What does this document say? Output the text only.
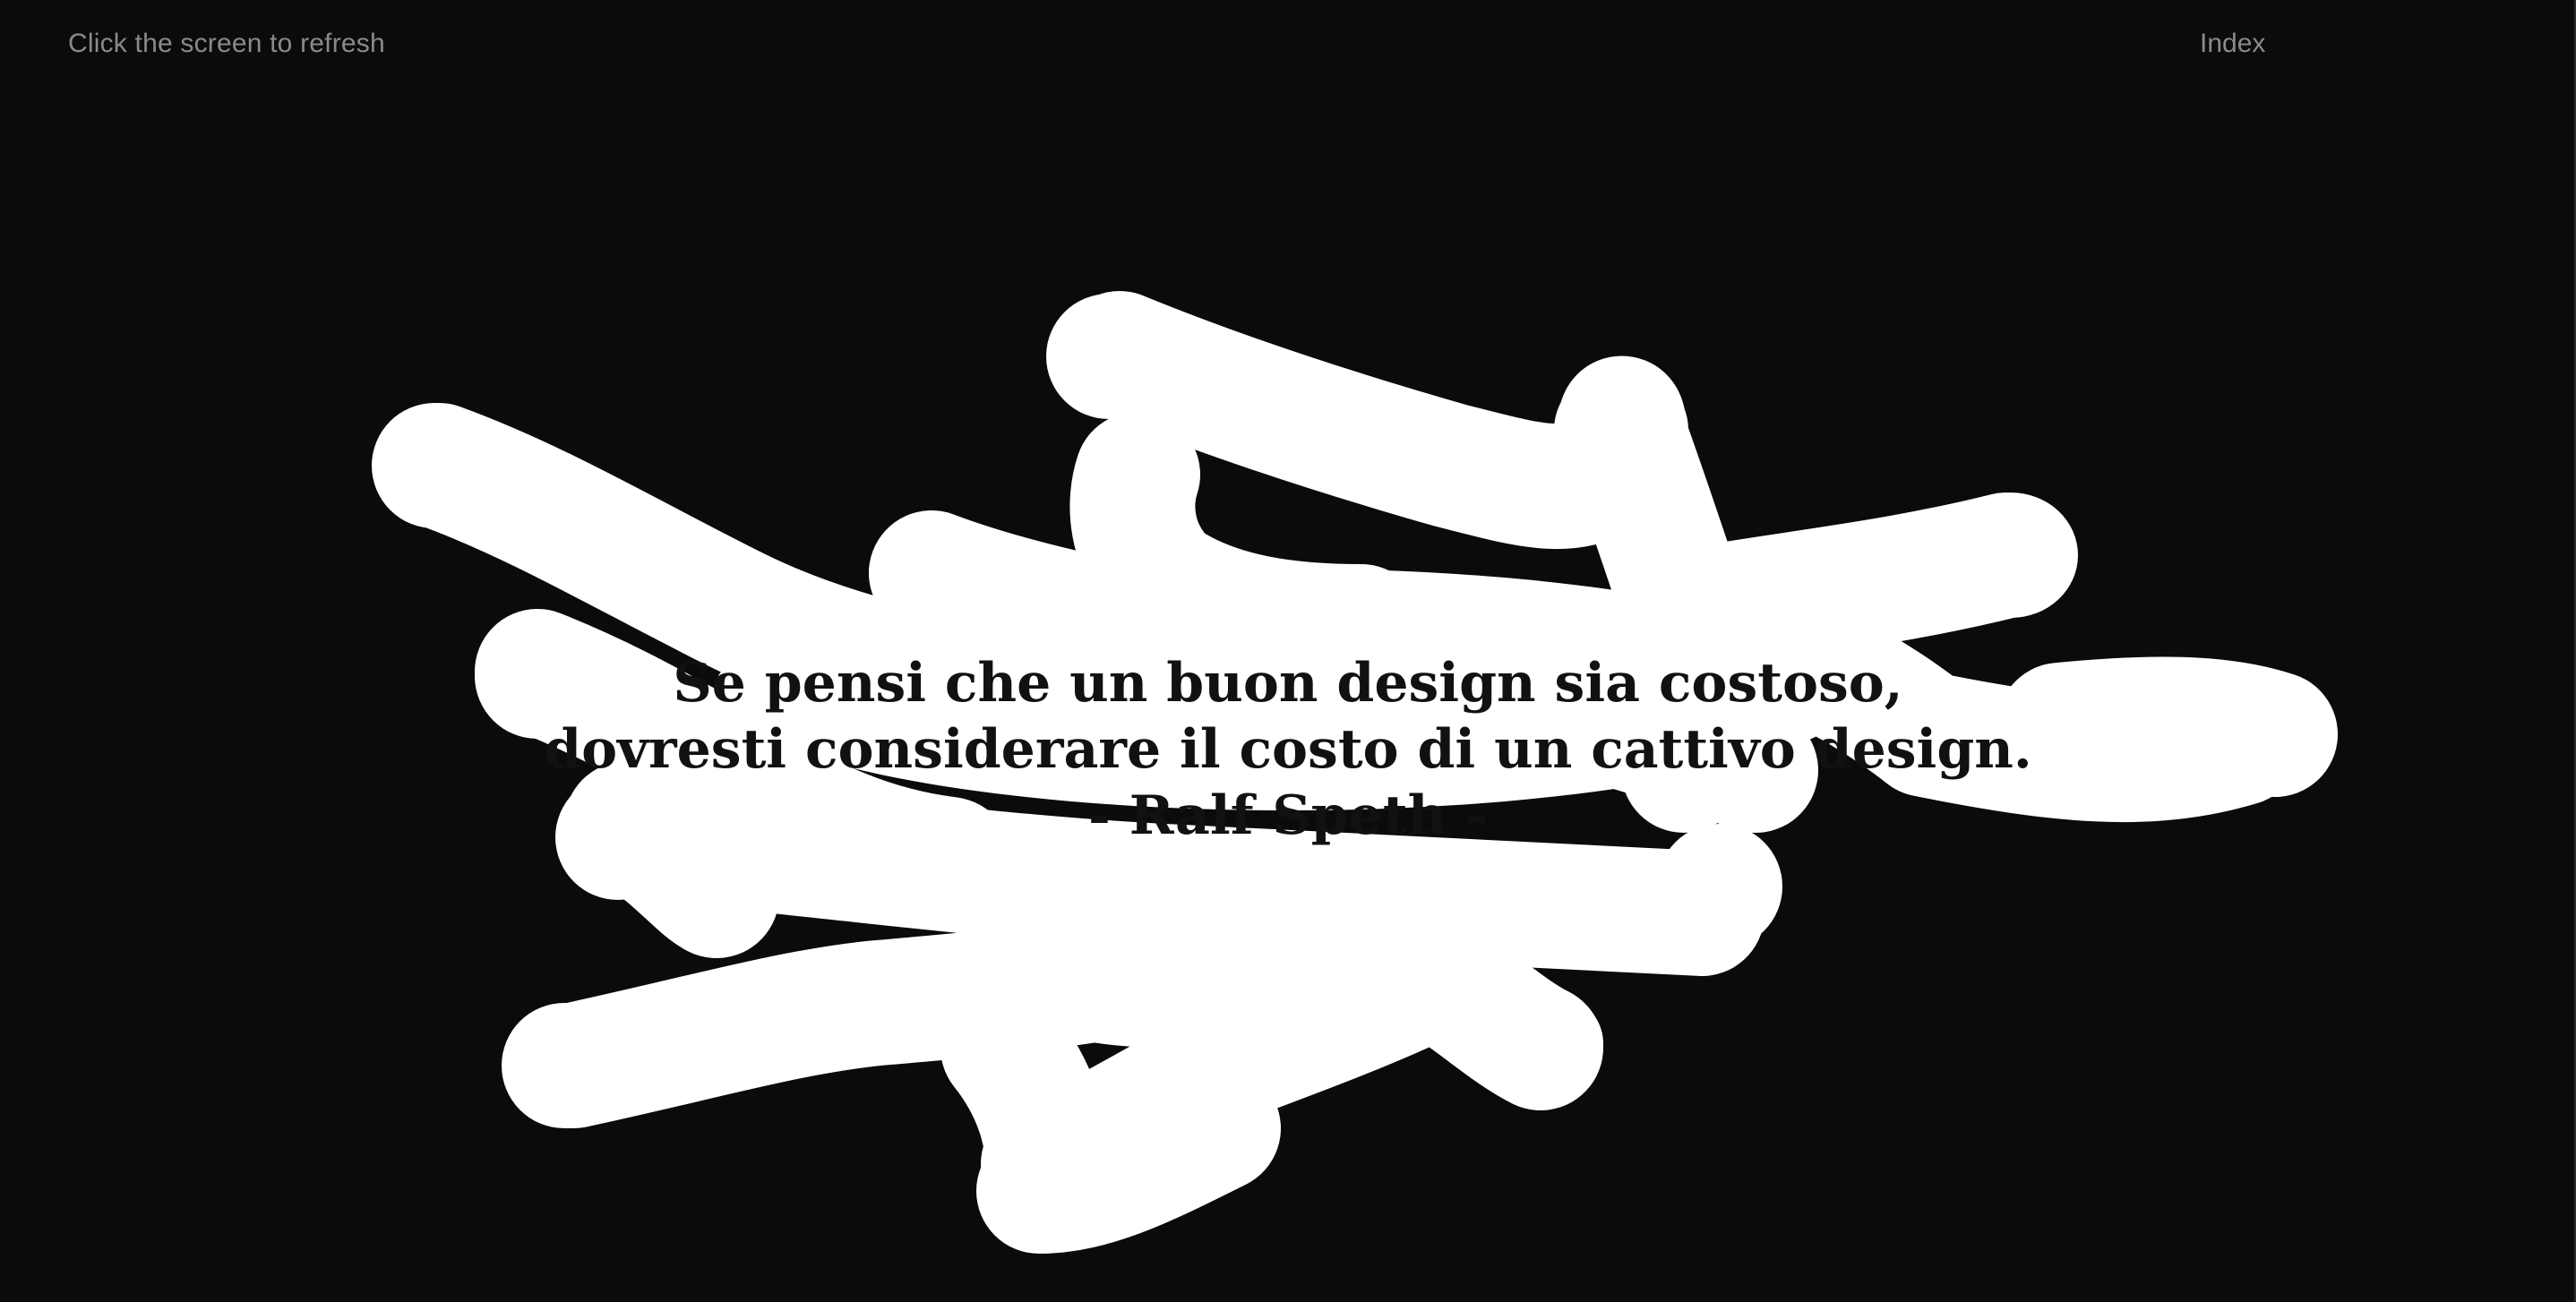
Click the screen to refresh	Index
Se pensi che un buon design sia costoso,
dovresti considerare il costo di un cattivo design.
- Ralf Speth -
